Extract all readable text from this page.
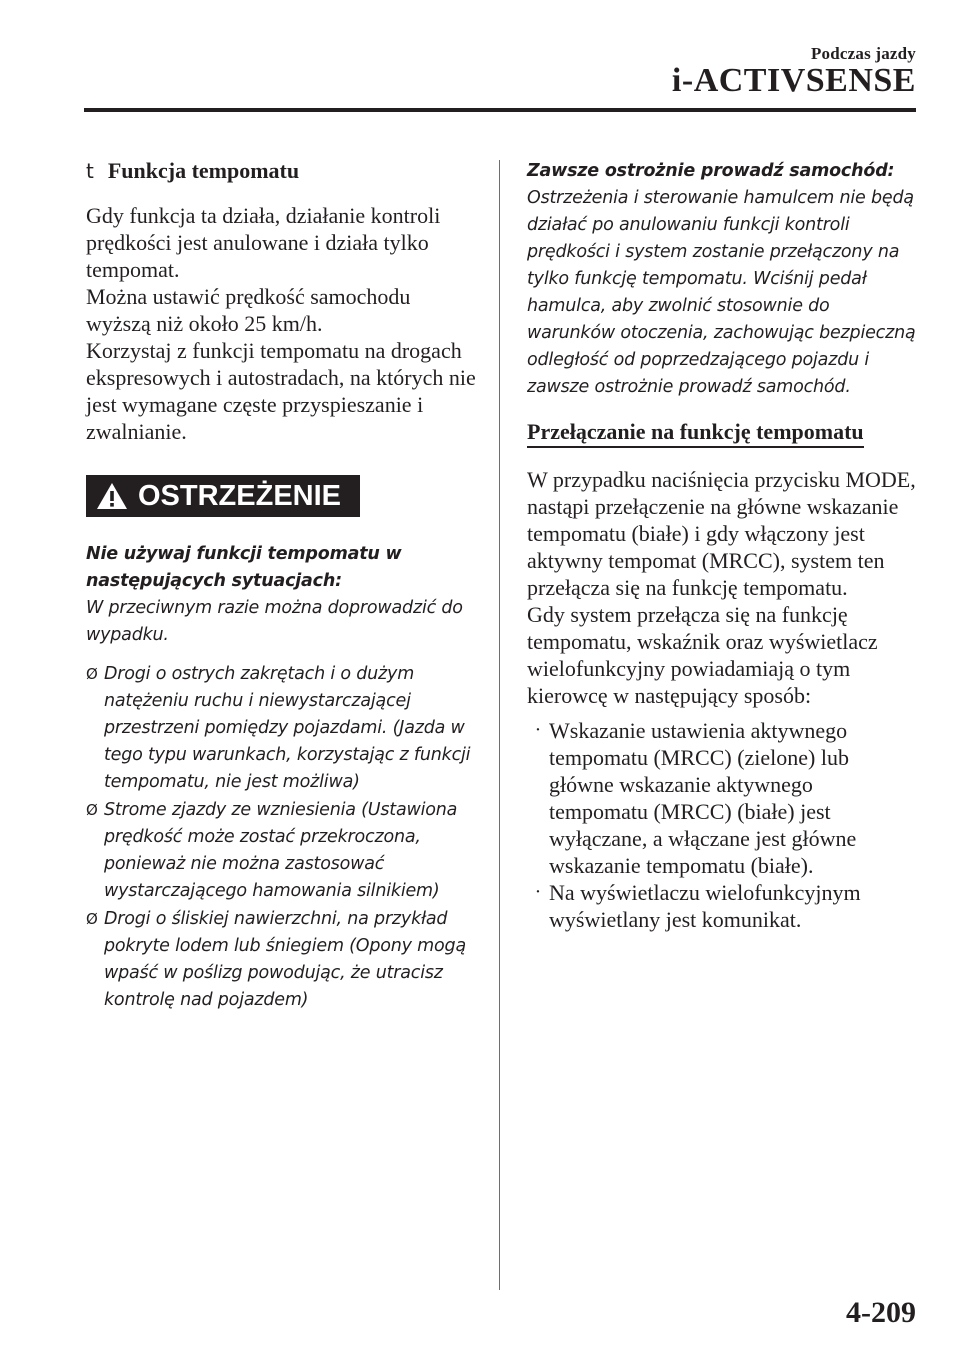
Podczas jazdy
i-ACTIVSENSE
t Funkcja tempomatu

Gdy funkcja ta działa, działanie kontroli prędkości jest anulowane i działa tylko tempomat.

Można ustawić prędkość samochodu wyższą niż około 25 km/h.

Korzystaj z funkcji tempomatu na drogach ekspresowych i autostradach, na których nie jest wymagane częste przyspieszanie i zwalnianie.

OSTRZEŻENIE
Nie używaj funkcji tempomatu w następujących sytuacjach:
W przeciwnym razie można doprowadzić do wypadku.
Ø Drogi o ostrych zakrętach i o dużym natężeniu ruchu i niewystarczającej przestrzeni pomiędzy pojazdami. (Jazda w tego typu warunkach, korzystając z funkcji tempomatu, nie jest możliwa)
Ø Strome zjazdy ze wzniesienia (Ustawiona prędkość może zostać przekroczona, ponieważ nie można zastosować wystarczającego hamowania silnikiem)
Ø Drogi o śliskiej nawierzchni, na przykład pokryte lodem lub śniegiem (Opony mogą wpaść w poślizg powodując, że utracisz kontrolę nad pojazdem)
Zawsze ostrożnie prowadź samochód:
Ostrzeżenia i sterowanie hamulcem nie będą działać po anulowaniu funkcji kontroli prędkości i system zostanie przełączony na tylko funkcję tempomatu. Wciśnij pedał hamulca, aby zwolnić stosownie do warunków otoczenia, zachowując bezpieczną odległość od poprzedzającego pojazdu i zawsze ostrożnie prowadź samochód.
Przełączanie na funkcję tempomatu

W przypadku naciśnięcia przycisku MODE, nastąpi przełączenie na główne wskazanie tempomatu (białe) i gdy włączony jest aktywny tempomat (MRCC), system ten przełącza się na funkcję tempomatu.

Gdy system przełącza się na funkcję tempomatu, wskaźnik oraz wyświetlacz wielofunkcyjny powiadamiają o tym kierowcę w następujący sposób:

· Wskazanie ustawienia aktywnego tempomatu (MRCC) (zielone) lub główne wskazanie aktywnego tempomatu (MRCC) (białe) jest wyłączane, a włączane jest główne wskazanie tempomatu (białe).
· Na wyświetlaczu wielofunkcyjnym wyświetlany jest komunikat.
4-209
